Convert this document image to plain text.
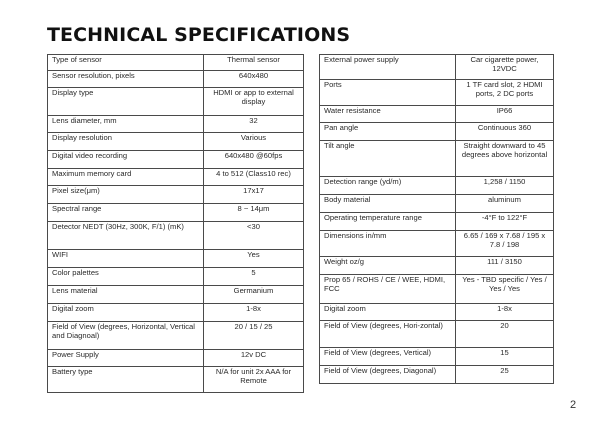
TECHNICAL SPECIFICATIONS
Type of sensor	Thermal sensor
Sensor resolution, pixels	640x480
Display type	HDMI or app to external display
Lens diameter, mm	32
Display resolution	Various
Digital video recording	640x480 @60fps
Maximum memory card	4 to 512 (Class10 rec)
Pixel size(μm)	17x17
Spectral range	8 ~ 14μm
Detector NEDT (30Hz, 300K, F/1) (mK)	<30
WIFI	Yes
Color palettes	5
Lens material	Germanium
Digital zoom	1-8x
Field of View (degrees, Horizontal, Vertical and Diagnoal)	20 / 15 / 25
Power Supply	12v DC
Battery type	N/A for unit 2x AAA for Remote
External power supply	Car cigarette power, 12VDC
Ports	1 TF card slot, 2 HDMI ports, 2 DC ports
Water resistance	IP66
Pan angle	Continuous 360
Tilt angle	Straight downward to 45 degrees above horizontal
Detection range (yd/m)	1,258 / 1150
Body material	aluminum
Operating temperature range	-4°F to 122°F
Dimensions in/mm	6.65 / 169 x 7.68 / 195 x 7.8 / 198
Weight oz/g	111 / 3150
Prop 65 / ROHS / CE / WEE, HDMI, FCC	Yes - TBD specific / Yes / Yes / Yes
Digital zoom	1-8x
Field of View (degrees, Hori-zontal)	20
Field of View (degrees, Vertical)	15
Field of View (degrees, Diagonal)	25
2
